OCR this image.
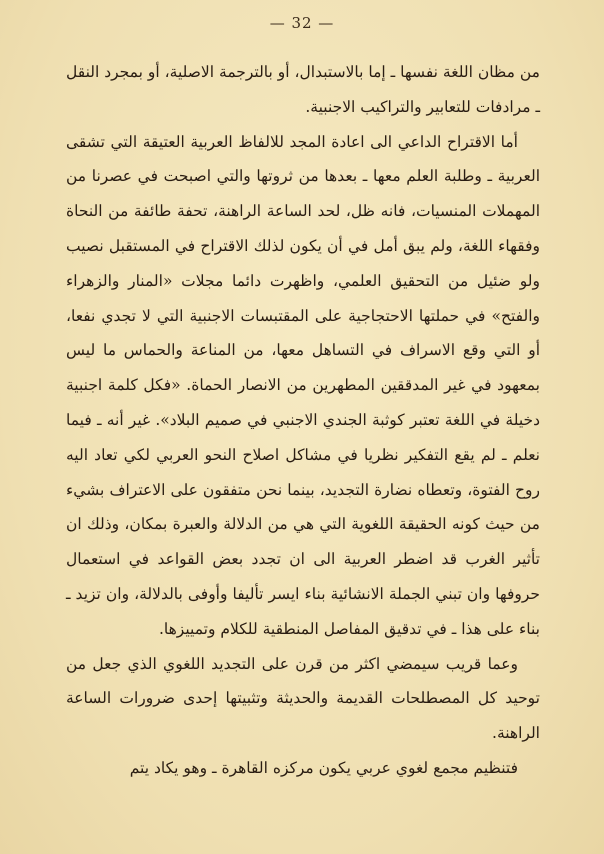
— 32 —

من مظان اللغة نفسها ـ إما بالاستبدال، أو بالترجمة الاصلية، أو بمجرد النقل ـ مرادفات للتعابير والتراكيب الاجنبية.

أما الاقتراح الداعي الى اعادة المجد للالفاظ العربية العتيقة التي تشقى العربية ـ وطلبة العلم معها ـ بعدها من ثروتها والتي اصبحت في عصرنا من المهملات المنسيات، فانه ظل، لحد الساعة الراهنة، تحفة طائفة من النحاة وفقهاء اللغة، ولم يبق أمل في أن يكون لذلك الاقتراح في المستقبل نصيب ولو ضئيل من التحقيق العلمي، واظهرت دائما مجلات «المنار والزهراء والفتح» في حملتها الاحتجاجية على المقتبسات الاجنبية التي لا تجدي نفعا، أو التي وقع الاسراف في التساهل معها، من المناعة والحماس ما ليس بمعهود في غير المدققين المطهرين من الانصار الحماة. «فكل كلمة اجنبية دخيلة في اللغة تعتبر كوثبة الجندي الاجنبي في صميم البلاد». غير أنه ـ فيما نعلم ـ لم يقع التفكير نظريا في مشاكل اصلاح النحو العربي لكي تعاد اليه روح الفتوة، وتعطاه نضارة التجديد، بينما نحن متفقون على الاعتراف بشيء من حيث كونه الحقيقة اللغوية التي هي من الدلالة والعبرة بمكان، وذلك ان تأثير الغرب قد اضطر العربية الى ان تجدد بعض القواعد في استعمال حروفها وان تبني الجملة الانشائية بناء ايسر تأليفا وأوفى بالدلالة، وان تزيد ـ بناء على هذا ـ في تدقيق المفاصل المنطقية للكلام وتمييزها.

وعما قريب سيمضي اكثر من قرن على التجديد اللغوي الذي جعل من توحيد كل المصطلحات القديمة والحديثة وتثبيتها إحدى ضرورات الساعة الراهنة.

فتنظيم مجمع لغوي عربي يكون مركزه القاهرة ـ وهو يكاد يتم
